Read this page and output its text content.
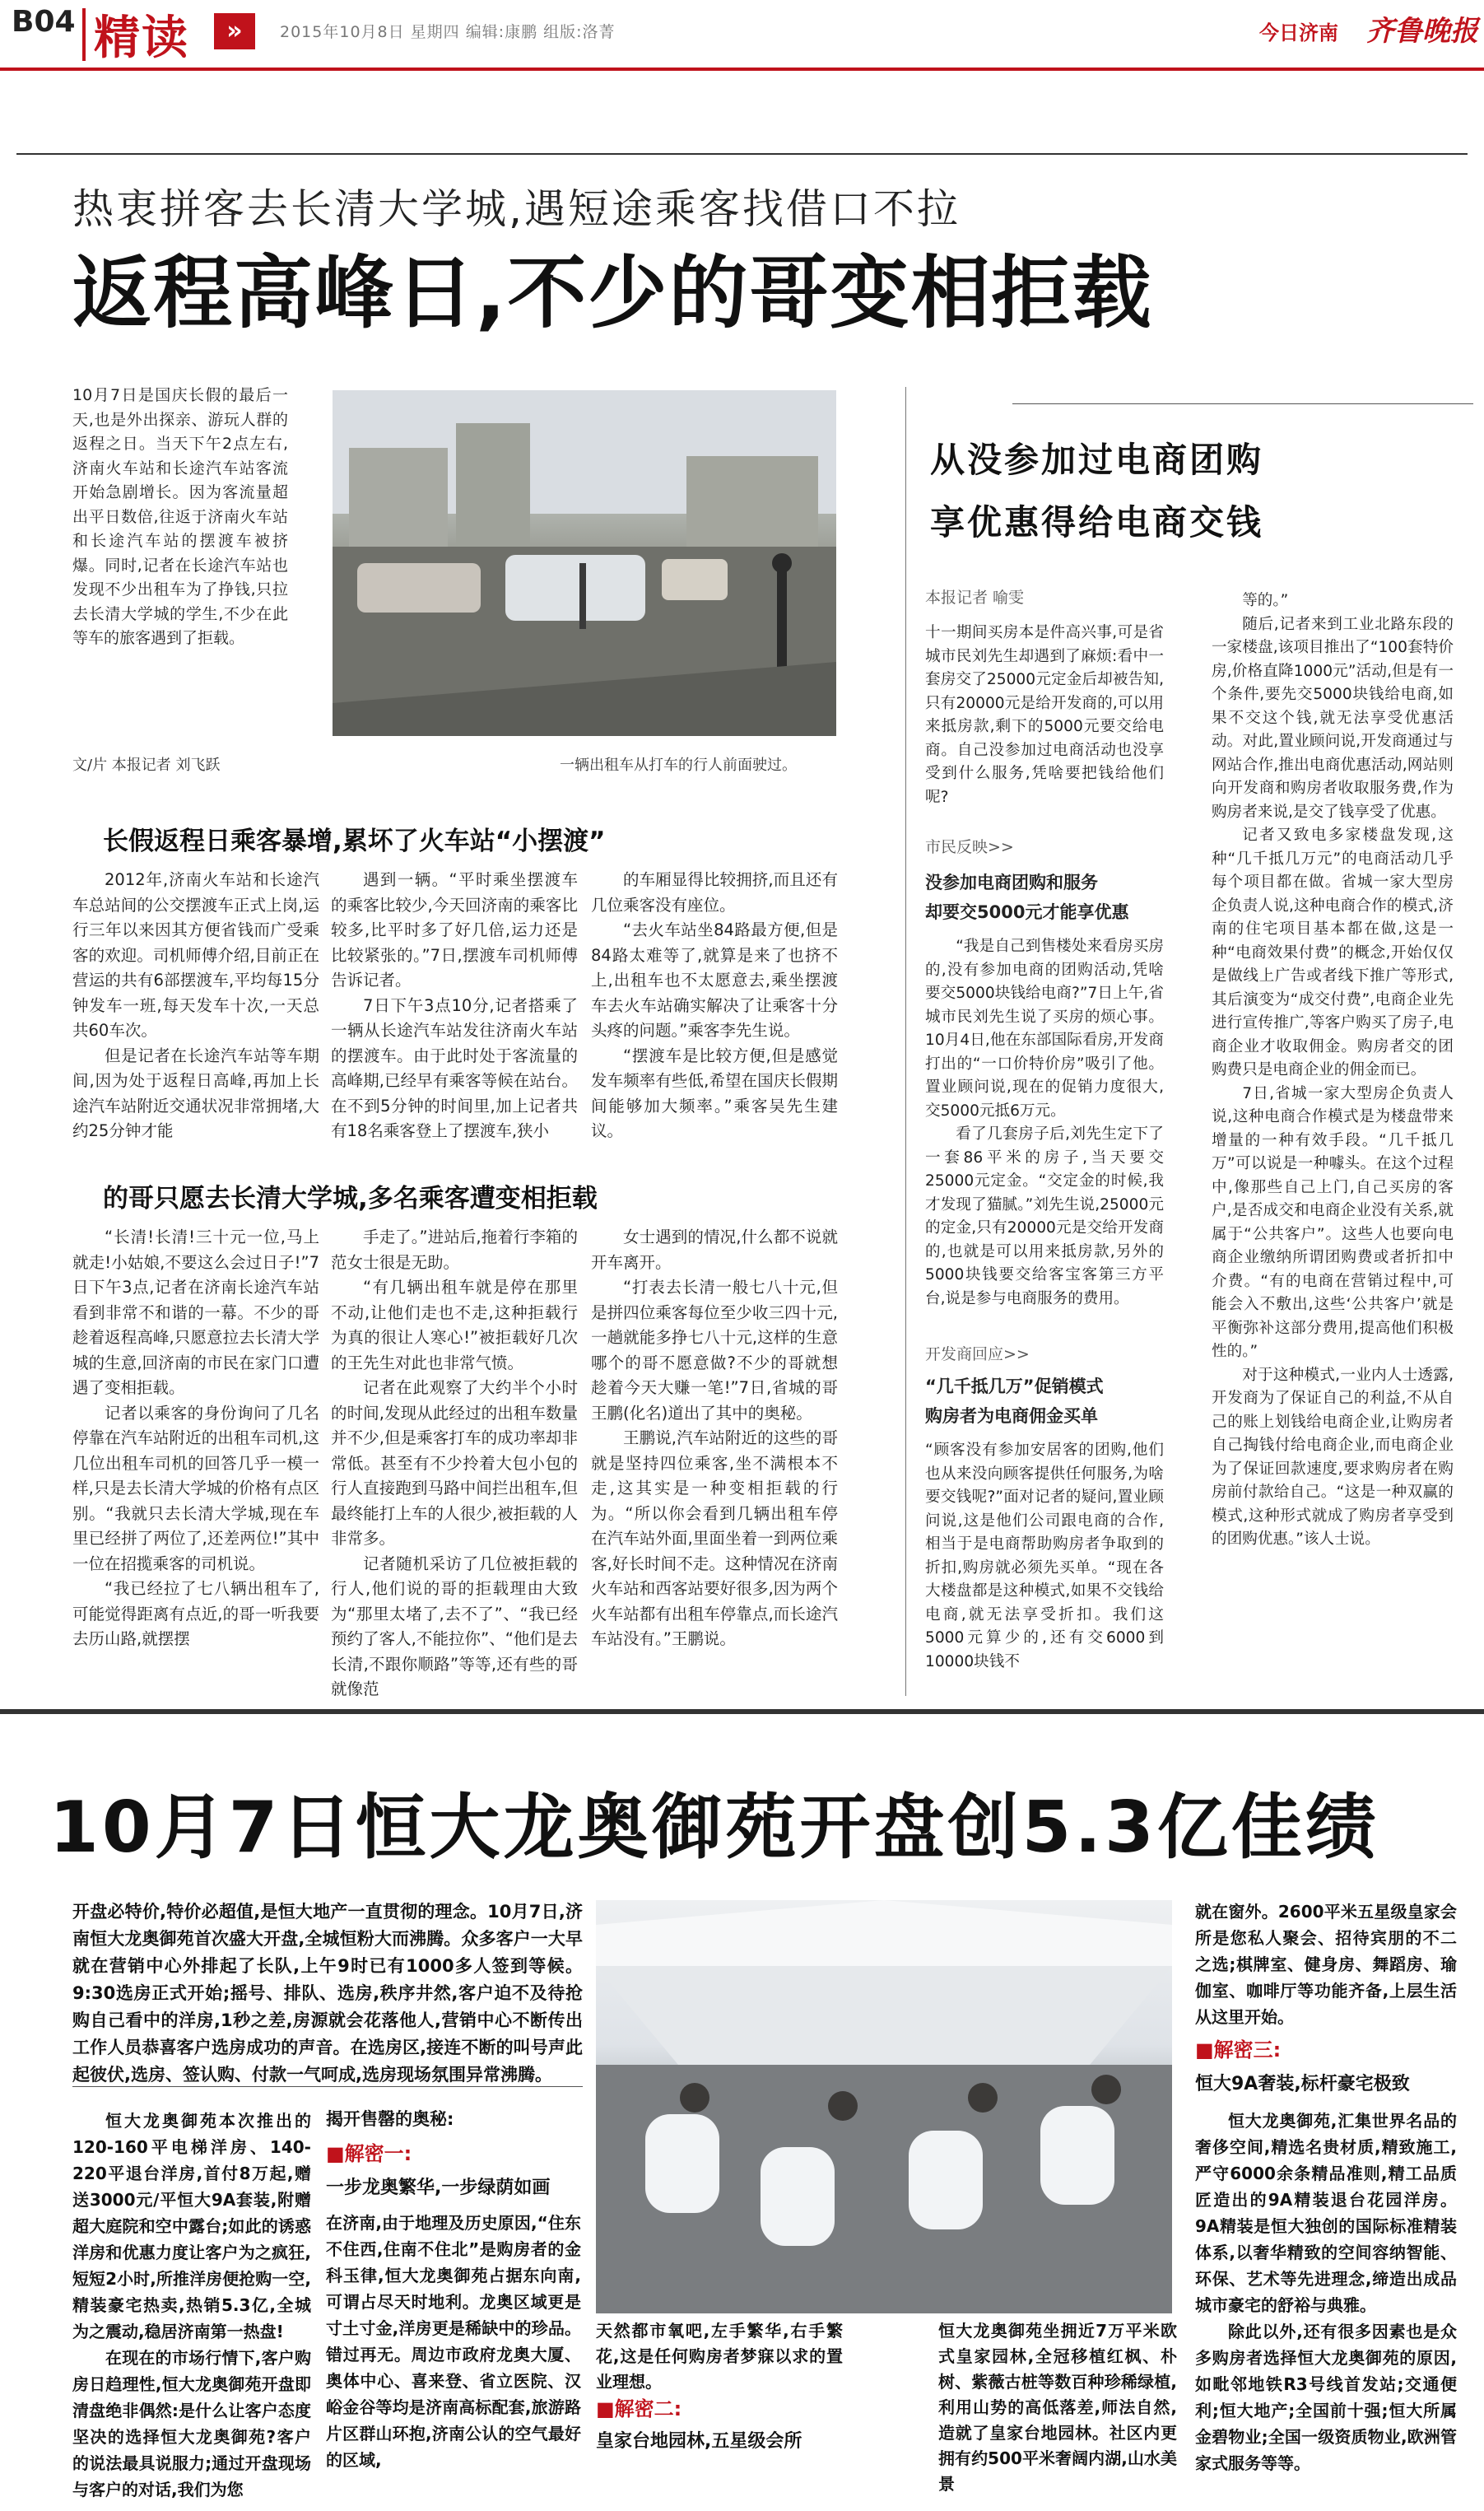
B04 精读	»	2015年10月8日 星期四 编辑:康鹏 组版:洛菁	今日济南 齐鲁晚报
热衷拼客去长清大学城,遇短途乘客找借口不拉
返程高峰日,不少的哥变相拒载
10月7日是国庆长假的最后一天,也是外出探亲、游玩人群的返程之日。当天下午2点左右,济南火车站和长途汽车站客流开始急剧增长。因为客流量超出平日数倍,往返于济南火车站和长途汽车站的摆渡车被挤爆。同时,记者在长途汽车站也发现不少出租车为了挣钱,只拉去长清大学城的学生,不少在此等车的旅客遇到了拒载。
文/片 本报记者 刘飞跃	一辆出租车从打车的行人前面驶过。
长假返程日乘客暴增,累坏了火车站“小摆渡”
2012年,济南火车站和长途汽车总站间的公交摆渡车正式上岗,运行三年以来因其方便省钱而广受乘客的欢迎。司机师傅介绍,目前正在营运的共有6部摆渡车,平均每15分钟发车一班,每天发车十次,一天总共60车次。
但是记者在长途汽车站等车期间,因为处于返程日高峰,再加上长途汽车站附近交通状况非常拥堵,大约25分钟才能
遇到一辆。“平时乘坐摆渡车的乘客比较少,今天回济南的乘客比较多,比平时多了好几倍,运力还是比较紧张的。”7日,摆渡车司机师傅告诉记者。
7日下午3点10分,记者搭乘了一辆从长途汽车站发往济南火车站的摆渡车。由于此时处于客流量的高峰期,已经早有乘客等候在站台。在不到5分钟的时间里,加上记者共有18名乘客登上了摆渡车,狭小
的车厢显得比较拥挤,而且还有几位乘客没有座位。
“去火车站坐84路最方便,但是84路太难等了,就算是来了也挤不上,出租车也不太愿意去,乘坐摆渡车去火车站确实解决了让乘客十分头疼的问题。”乘客李先生说。
“摆渡车是比较方便,但是感觉发车频率有些低,希望在国庆长假期间能够加大频率。”乘客吴先生建议。
的哥只愿去长清大学城,多名乘客遭变相拒载
“长清!长清!三十元一位,马上就走!小姑娘,不要这么会过日子!”7日下午3点,记者在济南长途汽车站看到非常不和谐的一幕。不少的哥趁着返程高峰,只愿意拉去长清大学城的生意,回济南的市民在家门口遭遇了变相拒载。
记者以乘客的身份询问了几名停靠在汽车站附近的出租车司机,这几位出租车司机的回答几乎一模一样,只是去长清大学城的价格有点区别。“我就只去长清大学城,现在车里已经拼了两位了,还差两位!”其中一位在招揽乘客的司机说。
“我已经拉了七八辆出租车了,可能觉得距离有点近,的哥一听我要去历山路,就摆摆
手走了。”进站后,拖着行李箱的范女士很是无助。
“有几辆出租车就是停在那里不动,让他们走也不走,这种拒载行为真的很让人寒心!”被拒载好几次的王先生对此也非常气愤。
记者在此观察了大约半个小时的时间,发现从此经过的出租车数量并不少,但是乘客打车的成功率却非常低。甚至有不少拎着大包小包的行人直接跑到马路中间拦出租车,但最终能打上车的人很少,被拒载的人非常多。
记者随机采访了几位被拒载的行人,他们说的哥的拒载理由大致为“那里太堵了,去不了”、“我已经预约了客人,不能拉你”、“他们是去长清,不跟你顺路”等等,还有些的哥就像范
女士遇到的情况,什么都不说就开车离开。
“打表去长清一般七八十元,但是拼四位乘客每位至少收三四十元,一趟就能多挣七八十元,这样的生意哪个的哥不愿意做?不少的哥就想趁着今天大赚一笔!”7日,省城的哥王鹏(化名)道出了其中的奥秘。
王鹏说,汽车站附近的这些的哥就是坚持四位乘客,坐不满根本不走,这其实是一种变相拒载的行为。“所以你会看到几辆出租车停在汽车站外面,里面坐着一到两位乘客,好长时间不走。这种情况在济南火车站和西客站要好很多,因为两个火车站都有出租车停靠点,而长途汽车站没有。”王鹏说。
从没参加过电商团购
享优惠得给电商交钱
本报记者 喻雯
十一期间买房本是件高兴事,可是省城市民刘先生却遇到了麻烦:看中一套房交了25000元定金后却被告知,只有20000元是给开发商的,可以用来抵房款,剩下的5000元要交给电商。自己没参加过电商活动也没享受到什么服务,凭啥要把钱给他们呢?
市民反映>>
没参加电商团购和服务
却要交5000元才能享优惠
“我是自己到售楼处来看房买房的,没有参加电商的团购活动,凭啥要交5000块钱给电商?”7日上午,省城市民刘先生说了买房的烦心事。10月4日,他在东部国际看房,开发商打出的“一口价特价房”吸引了他。置业顾问说,现在的促销力度很大,交5000元抵6万元。
看了几套房子后,刘先生定下了一套86平米的房子,当天要交25000元定金。“交定金的时候,我才发现了猫腻。”刘先生说,25000元的定金,只有20000元是交给开发商的,也就是可以用来抵房款,另外的5000块钱要交给客宝客第三方平台,说是参与电商服务的费用。
开发商回应>>
“几千抵几万”促销模式
购房者为电商佣金买单
“顾客没有参加安居客的团购,他们也从来没向顾客提供任何服务,为啥要交钱呢?”面对记者的疑问,置业顾问说,这是他们公司跟电商的合作,相当于是电商帮助购房者争取到的折扣,购房就必须先买单。“现在各大楼盘都是这种模式,如果不交钱给电商,就无法享受折扣。我们这5000元算少的,还有交6000到10000块钱不
等的。”
随后,记者来到工业北路东段的一家楼盘,该项目推出了“100套特价房,价格直降1000元”活动,但是有一个条件,要先交5000块钱给电商,如果不交这个钱,就无法享受优惠活动。对此,置业顾问说,开发商通过与网站合作,推出电商优惠活动,网站则向开发商和购房者收取服务费,作为购房者来说,是交了钱享受了优惠。
记者又致电多家楼盘发现,这种“几千抵几万元”的电商活动几乎每个项目都在做。省城一家大型房企负责人说,这种电商合作的模式,济南的住宅项目基本都在做,这是一种“电商效果付费”的概念,开始仅仅是做线上广告或者线下推广等形式,其后演变为“成交付费”,电商企业先进行宣传推广,等客户购买了房子,电商企业才收取佣金。购房者交的团购费只是电商企业的佣金而已。
7日,省城一家大型房企负责人说,这种电商合作模式是为楼盘带来增量的一种有效手段。“几千抵几万”可以说是一种噱头。在这个过程中,像那些自己上门,自己买房的客户,是否成交和电商企业没有关系,就属于“公共客户”。这些人也要向电商企业缴纳所谓团购费或者折扣中介费。“有的电商在营销过程中,可能会入不敷出,这些‘公共客户’就是平衡弥补这部分费用,提高他们积极性的。”
对于这种模式,一业内人士透露,开发商为了保证自己的利益,不从自己的账上划钱给电商企业,让购房者自己掏钱付给电商企业,而电商企业为了保证回款速度,要求购房者在购房前付款给自己。“这是一种双赢的模式,这种形式就成了购房者享受到的团购优惠。”该人士说。
10月7日恒大龙奥御苑开盘创5.3亿佳绩
开盘必特价,特价必超值,是恒大地产一直贯彻的理念。10月7日,济南恒大龙奥御苑首次盛大开盘,全城恒粉大而沸腾。众多客户一大早就在营销中心外排起了长队,上午9时已有1000多人签到等候。9:30选房正式开始;摇号、排队、选房,秩序井然,客户迫不及待抢购自己看中的洋房,1秒之差,房源就会花落他人,营销中心不断传出工作人员恭喜客户选房成功的声音。在选房区,接连不断的叫号声此起彼伏,选房、签认购、付款一气呵成,选房现场氛围异常沸腾。
恒大龙奥御苑本次推出的120-160平电梯洋房、140-220平退台洋房,首付8万起,赠送3000元/平恒大9A套装,附赠超大庭院和空中露台;如此的诱惑洋房和优惠力度让客户为之疯狂,短短2小时,所推洋房便抢购一空,精装豪宅热卖,热销5.3亿,全城为之震动,稳居济南第一热盘!
在现在的市场行情下,客户购房日趋理性,恒大龙奥御苑开盘即清盘绝非偶然:是什么让客户态度坚决的选择恒大龙奥御苑?客户的说法最具说服力;通过开盘现场与客户的对话,我们为您
揭开售罄的奥秘:
■解密一:
一步龙奥繁华,一步绿荫如画
在济南,由于地理及历史原因,“住东不住西,住南不住北”是购房者的金科玉律,恒大龙奥御苑占据东向南,可谓占尽天时地利。龙奥区域更是寸土寸金,洋房更是稀缺中的珍品。错过再无。周边市政府龙奥大厦、奥体中心、喜来登、省立医院、汉峪金谷等均是济南高标配套,旅游路片区群山环抱,济南公认的空气最好的区域,
天然都市氧吧,左手繁华,右手繁花,这是任何购房者梦寐以求的置业理想。
■解密二:
皇家台地园林,五星级会所
恒大龙奥御苑坐拥近7万平米欧式皇家园林,全冠移植红枫、朴树、紫薇古桩等数百种珍稀绿植,利用山势的高低落差,师法自然,造就了皇家台地园林。社区内更拥有约500平米奢阔内湖,山水美景
就在窗外。2600平米五星级皇家会所是您私人聚会、招待宾朋的不二之选;棋牌室、健身房、舞蹈房、瑜伽室、咖啡厅等功能齐备,上层生活从这里开始。
■解密三:
恒大9A奢装,标杆豪宅极致
恒大龙奥御苑,汇集世界名品的奢侈空间,精选名贵材质,精致施工,严守6000余条精品准则,精工品质匠造出的9A精装退台花园洋房。9A精装是恒大独创的国际标准精装体系,以奢华精致的空间容纳智能、环保、艺术等先进理念,缔造出成品城市豪宅的舒裕与典雅。
除此以外,还有很多因素也是众多购房者选择恒大龙奥御苑的原因,如毗邻地铁R3号线首发站;交通便利;恒大地产;全国前十强;恒大所属金碧物业;全国一级资质物业,欧洲管家式服务等等。
